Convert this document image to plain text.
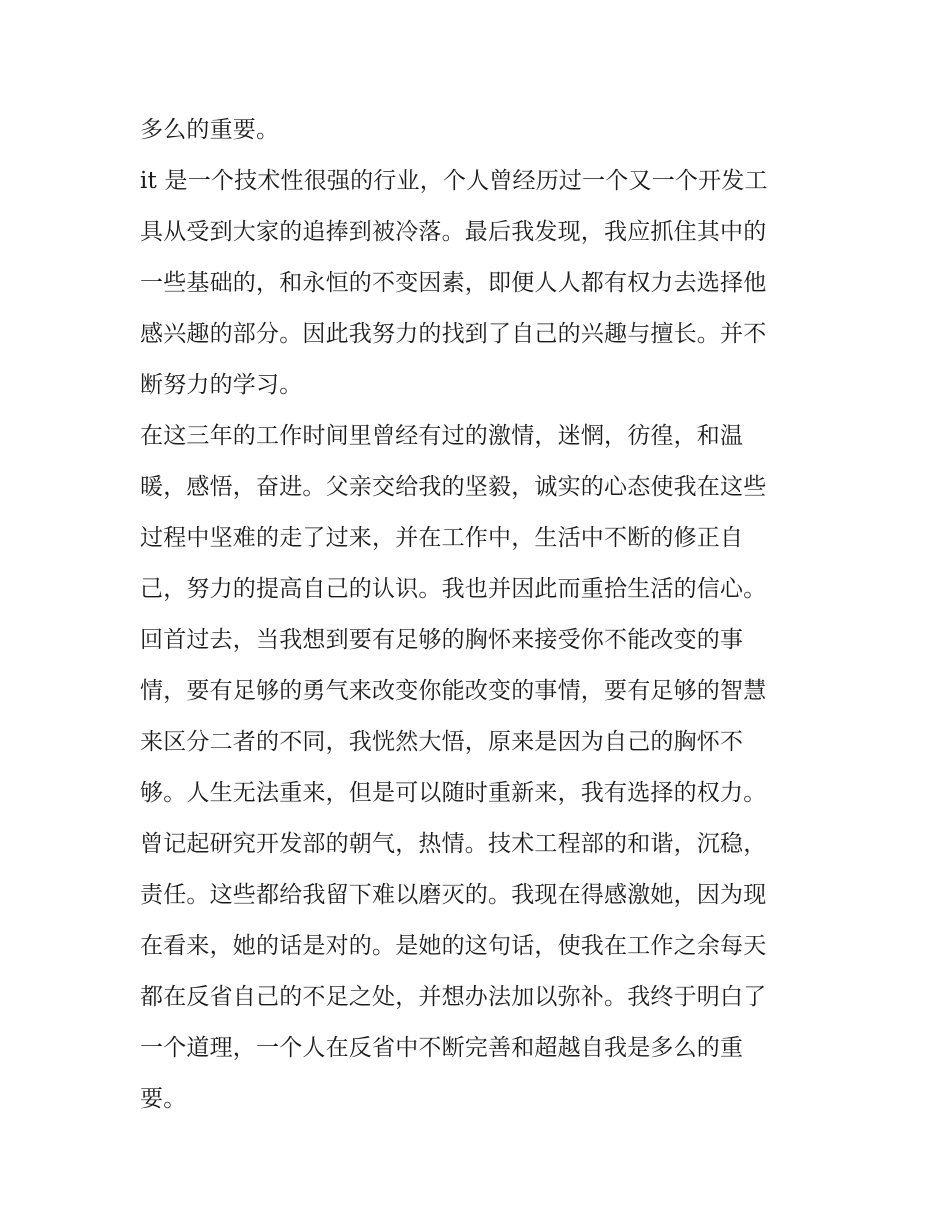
多么的重要。
it 是一个技术性很强的行业，个人曾经历过一个又一个开发工
具从受到大家的追捧到被冷落。最后我发现，我应抓住其中的
一些基础的，和永恒的不变因素，即便人人都有权力去选择他
感兴趣的部分。因此我努力的找到了自己的兴趣与擅长。并不
断努力的学习。
在这三年的工作时间里曾经有过的激情，迷惘，彷徨，和温
暖，感悟，奋进。父亲交给我的坚毅，诚实的心态使我在这些
过程中坚难的走了过来，并在工作中，生活中不断的修正自
己，努力的提高自己的认识。我也并因此而重拾生活的信心。
回首过去，当我想到要有足够的胸怀来接受你不能改变的事
情，要有足够的勇气来改变你能改变的事情，要有足够的智慧
来区分二者的不同，我恍然大悟，原来是因为自己的胸怀不
够。人生无法重来，但是可以随时重新来，我有选择的权力。
曾记起研究开发部的朝气，热情。技术工程部的和谐，沉稳，
责任。这些都给我留下难以磨灭的。我现在得感激她，因为现
在看来，她的话是对的。是她的这句话，使我在工作之余每天
都在反省自己的不足之处，并想办法加以弥补。我终于明白了
一个道理，一个人在反省中不断完善和超越自我是多么的重
要。
